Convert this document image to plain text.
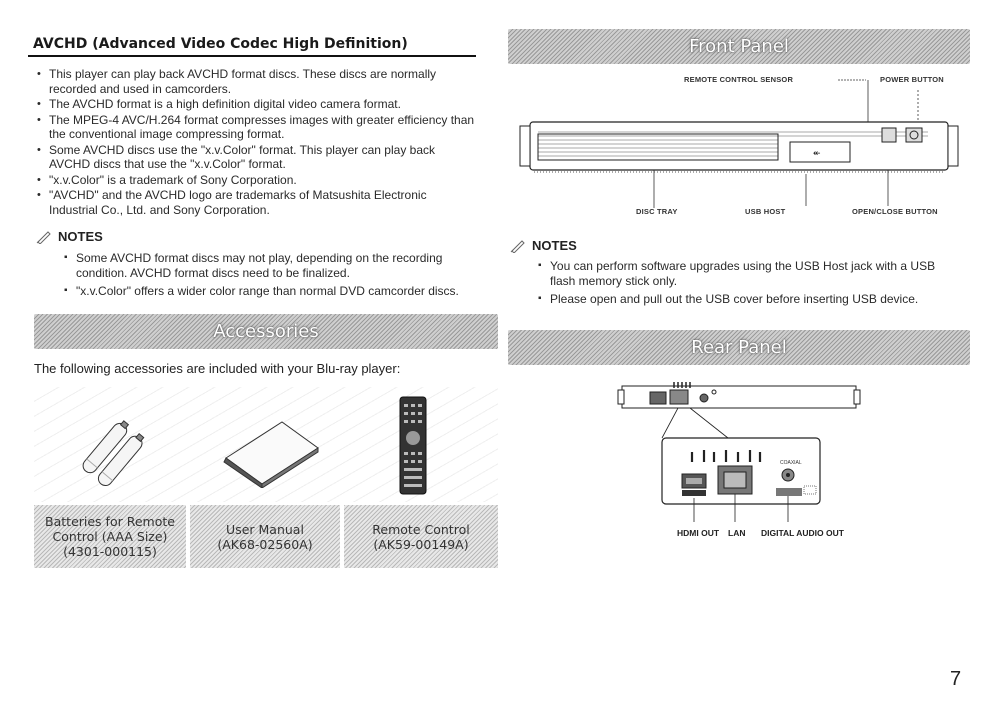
AVCHD (Advanced Video Codec High Definition)
• This player can play back AVCHD format discs. These discs are normally recorded and used in camcorders.
• The AVCHD format is a high definition digital video camera format.
• The MPEG-4 AVC/H.264 format compresses images with greater efficiency than the conventional image compressing format.
• Some AVCHD discs use the "x.v.Color" format. This player can play back AVCHD discs that use the "x.v.Color" format.
• "x.v.Color" is a trademark of Sony Corporation.
• "AVCHD" and the AVCHD logo are trademarks of Matsushita Electronic Industrial Co., Ltd. and Sony Corporation.
NOTES
▪ Some AVCHD format discs may not play, depending on the recording condition. AVCHD format discs need to be finalized.
▪ "x.v.Color" offers a wider color range than normal DVD camcorder discs.
Accessories
The following accessories are included with your Blu-ray player:
Batteries for Remote
Control (AAA Size)
(4301-000115)
User Manual
(AK68-02560A)
Remote Control
(AK59-00149A)
Front Panel
↞
REMOTE CONTROL SENSOR	POWER BUTTON
DISC TRAY	USB HOST	OPEN/CLOSE BUTTON
NOTES
▪ You can perform software upgrades using the USB Host jack with a USB flash memory stick only.
▪ Please open and pull out the USB cover before inserting USB device.
Rear Panel
COAXIAL
HDMI OUT LAN DIGITAL AUDIO OUT
7
